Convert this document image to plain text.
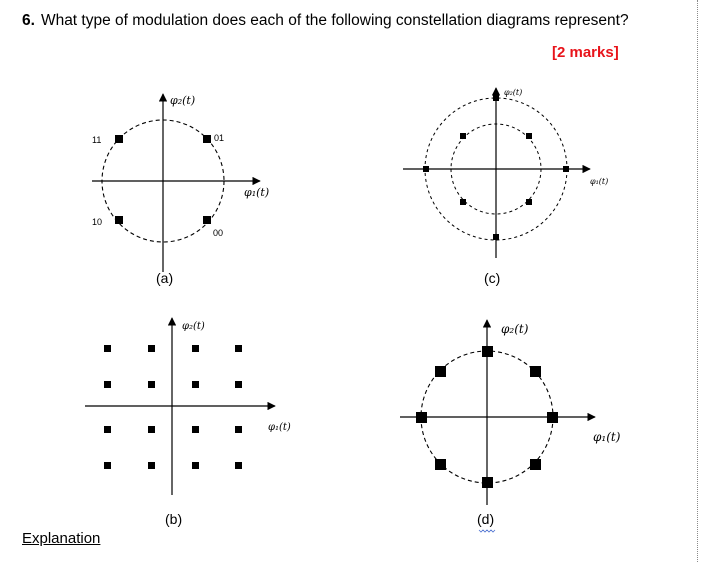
6. What type of modulation does each of the following constellation diagrams represent?
[2 marks]
11	01
10
00
φ₂(t)
φ₁(t)
(a)
φ₂(t)
φ₁(t)
(c)
φ₂(t)
φ₁(t)
(b)
φ₂(t)
φ₁(t)
(d)
Explanation
